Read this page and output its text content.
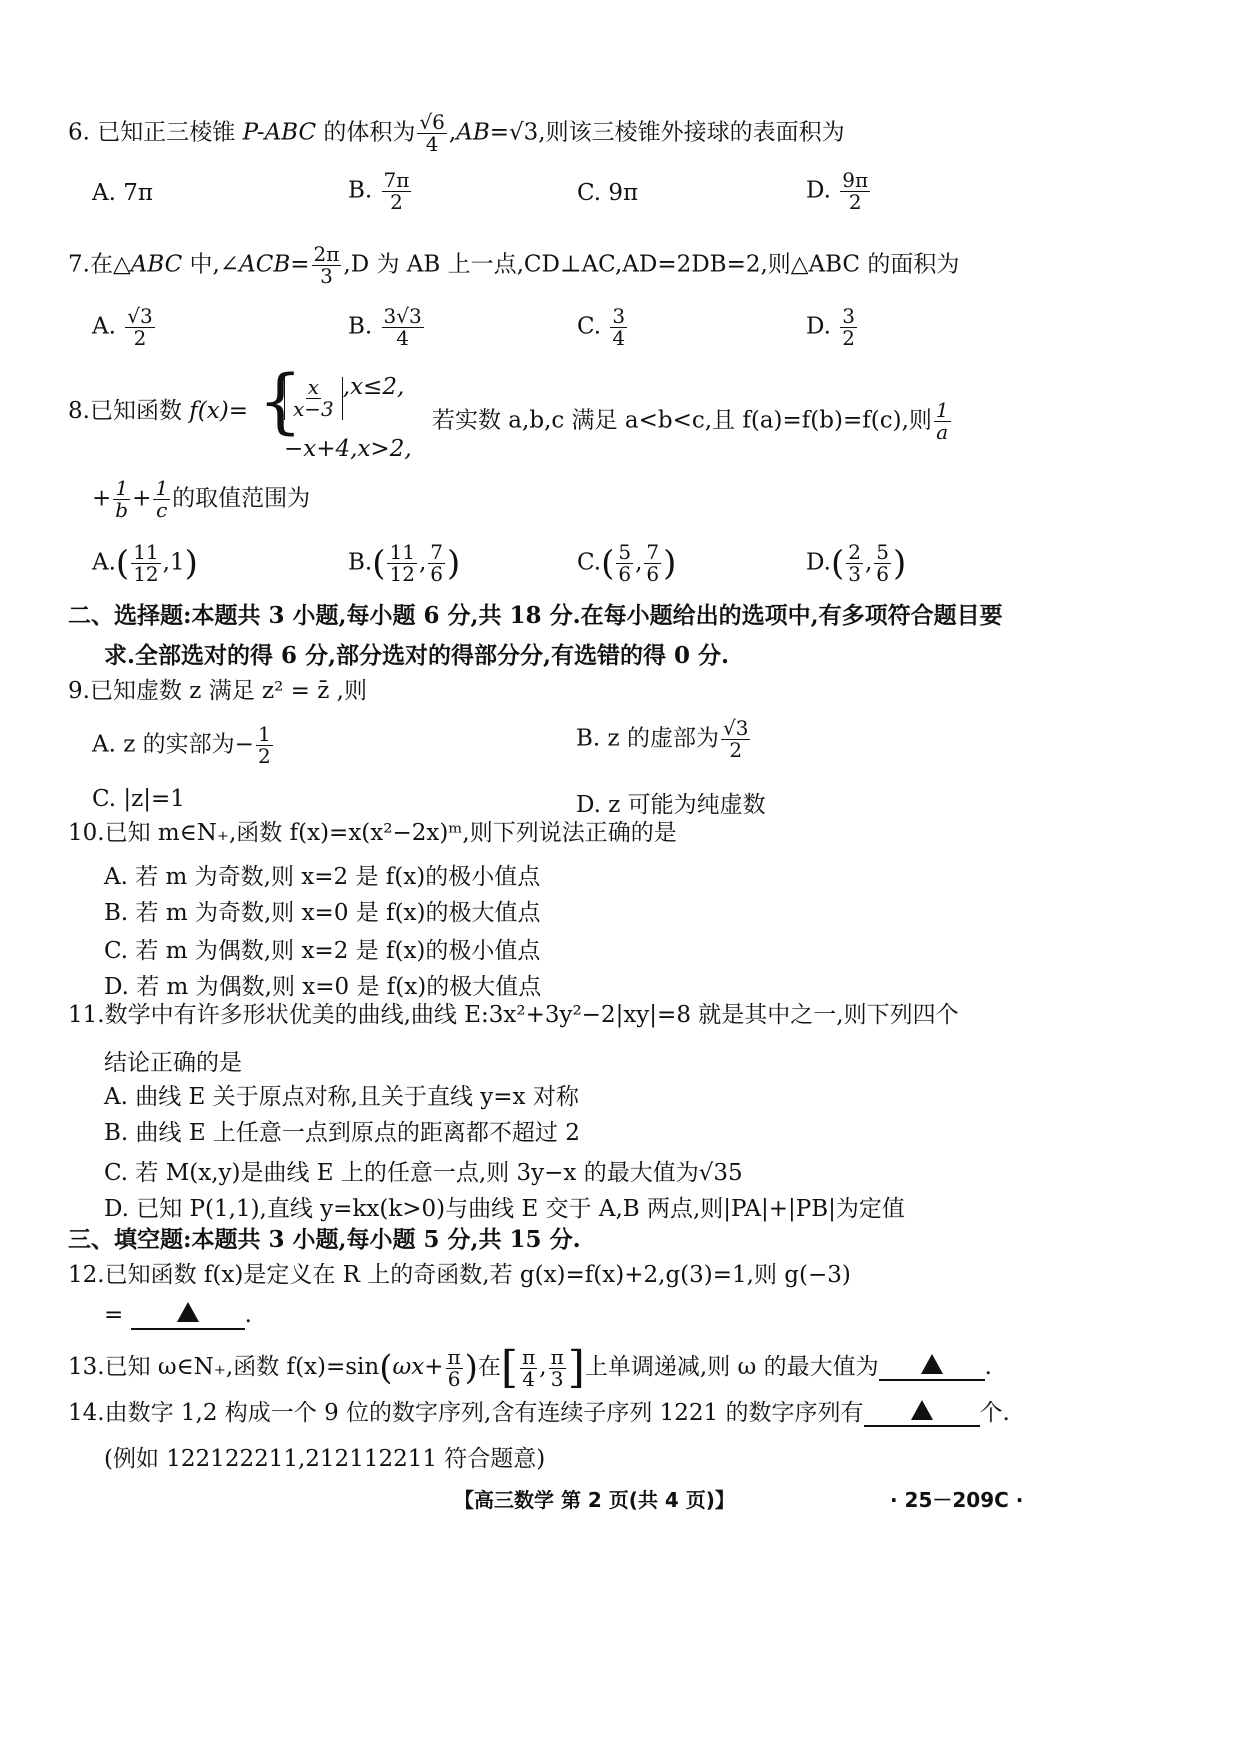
6. 已知正三棱锥 P-ABC 的体积为 $\frac{√6}{4} ,AB=√3$,则该三棱锥外接球的表面积为
A. 7π	B. $\frac{7\pi}{2}$	C. 9π	D. $\frac{9\pi}{2}$
7.在△ABC 中,∠ACB= $\frac{2\pi}{3} ,D$ 为 AB 上一点,CD⊥AC,AD=2DB=2,则△ABC 的面积为
A. $\frac{√3}{2}$	B. $\frac{3√3}{4}$	C. $\frac{3}{4}$	D. $\frac{3}{2}$
8.已知函数 f(x)= {
$\frac{x}{x-3} ,x\le 2$,
−x+4,x>2,
若实数 a,b,c 满足 a<b<c,且 f(a)=f(b)=f(c),则 $\frac{1}{a}$
+ $\frac{1}{b} + \frac{1}{c}$ 的取值范围为
$A.( \frac{11}{12} ,1)$	$B.( \frac{11}{12}$ , $\frac{7}{6}$ )	$C.( \frac{5}{6}$ , $\frac{7}{6}$ )	$D.( \frac{2}{3}$ , $\frac{5}{6}$ )
二、选择题:本题共 3 小题,每小题 6 分,共 18 分.在每小题给出的选项中,有多项符合题目要
求.全部选对的得 6 分,部分选对的得部分分,有选错的得 0 分.
9.已知虚数 z 满足 z² = z̄ ,则
A. z 的实部为− $\frac{1}{2}$	B. z 的虚部为 $\frac{√3}{2}$
C. |z|=1	D. z 可能为纯虚数
10.已知 m∈N₊,函数 f(x)=x(x²−2x)ᵐ,则下列说法正确的是
A. 若 m 为奇数,则 x=2 是 f(x)的极小值点
B. 若 m 为奇数,则 x=0 是 f(x)的极大值点
C. 若 m 为偶数,则 x=2 是 f(x)的极小值点
D. 若 m 为偶数,则 x=0 是 f(x)的极大值点
11.数学中有许多形状优美的曲线,曲线 E:3x²+3y²−2|xy|=8 就是其中之一,则下列四个
结论正确的是
A. 曲线 E 关于原点对称,且关于直线 y=x 对称
B. 曲线 E 上任意一点到原点的距离都不超过 2
C. 若 M(x,y)是曲线 E 上的任意一点,则 3y−x 的最大值为√35
D. 已知 P(1,1),直线 y=kx(k>0)与曲线 E 交于 A,B 两点,则|PA|+|PB|为定值
三、填空题:本题共 3 小题,每小题 5 分,共 15 分.
12.已知函数 f(x)是定义在 R 上的奇函数,若 g(x)=f(x)+2,g(3)=1,则 g(−3)
=	.
13.已知 ω∈N₊,函数 $f(x)=\sin(\omega x+ \frac{\pi}{6}$ )在[ $\frac{\pi}{4}$ , $\frac{\pi}{3}$ ]上单调递减,则 ω 的最大值为	.
14.由数字 1,2 构成一个 9 位的数字序列,含有连续子序列 1221 的数字序列有	个.
(例如 122122211,212112211 符合题意)
【高三数学 第 2 页(共 4 页)】	· 25－209C ·
